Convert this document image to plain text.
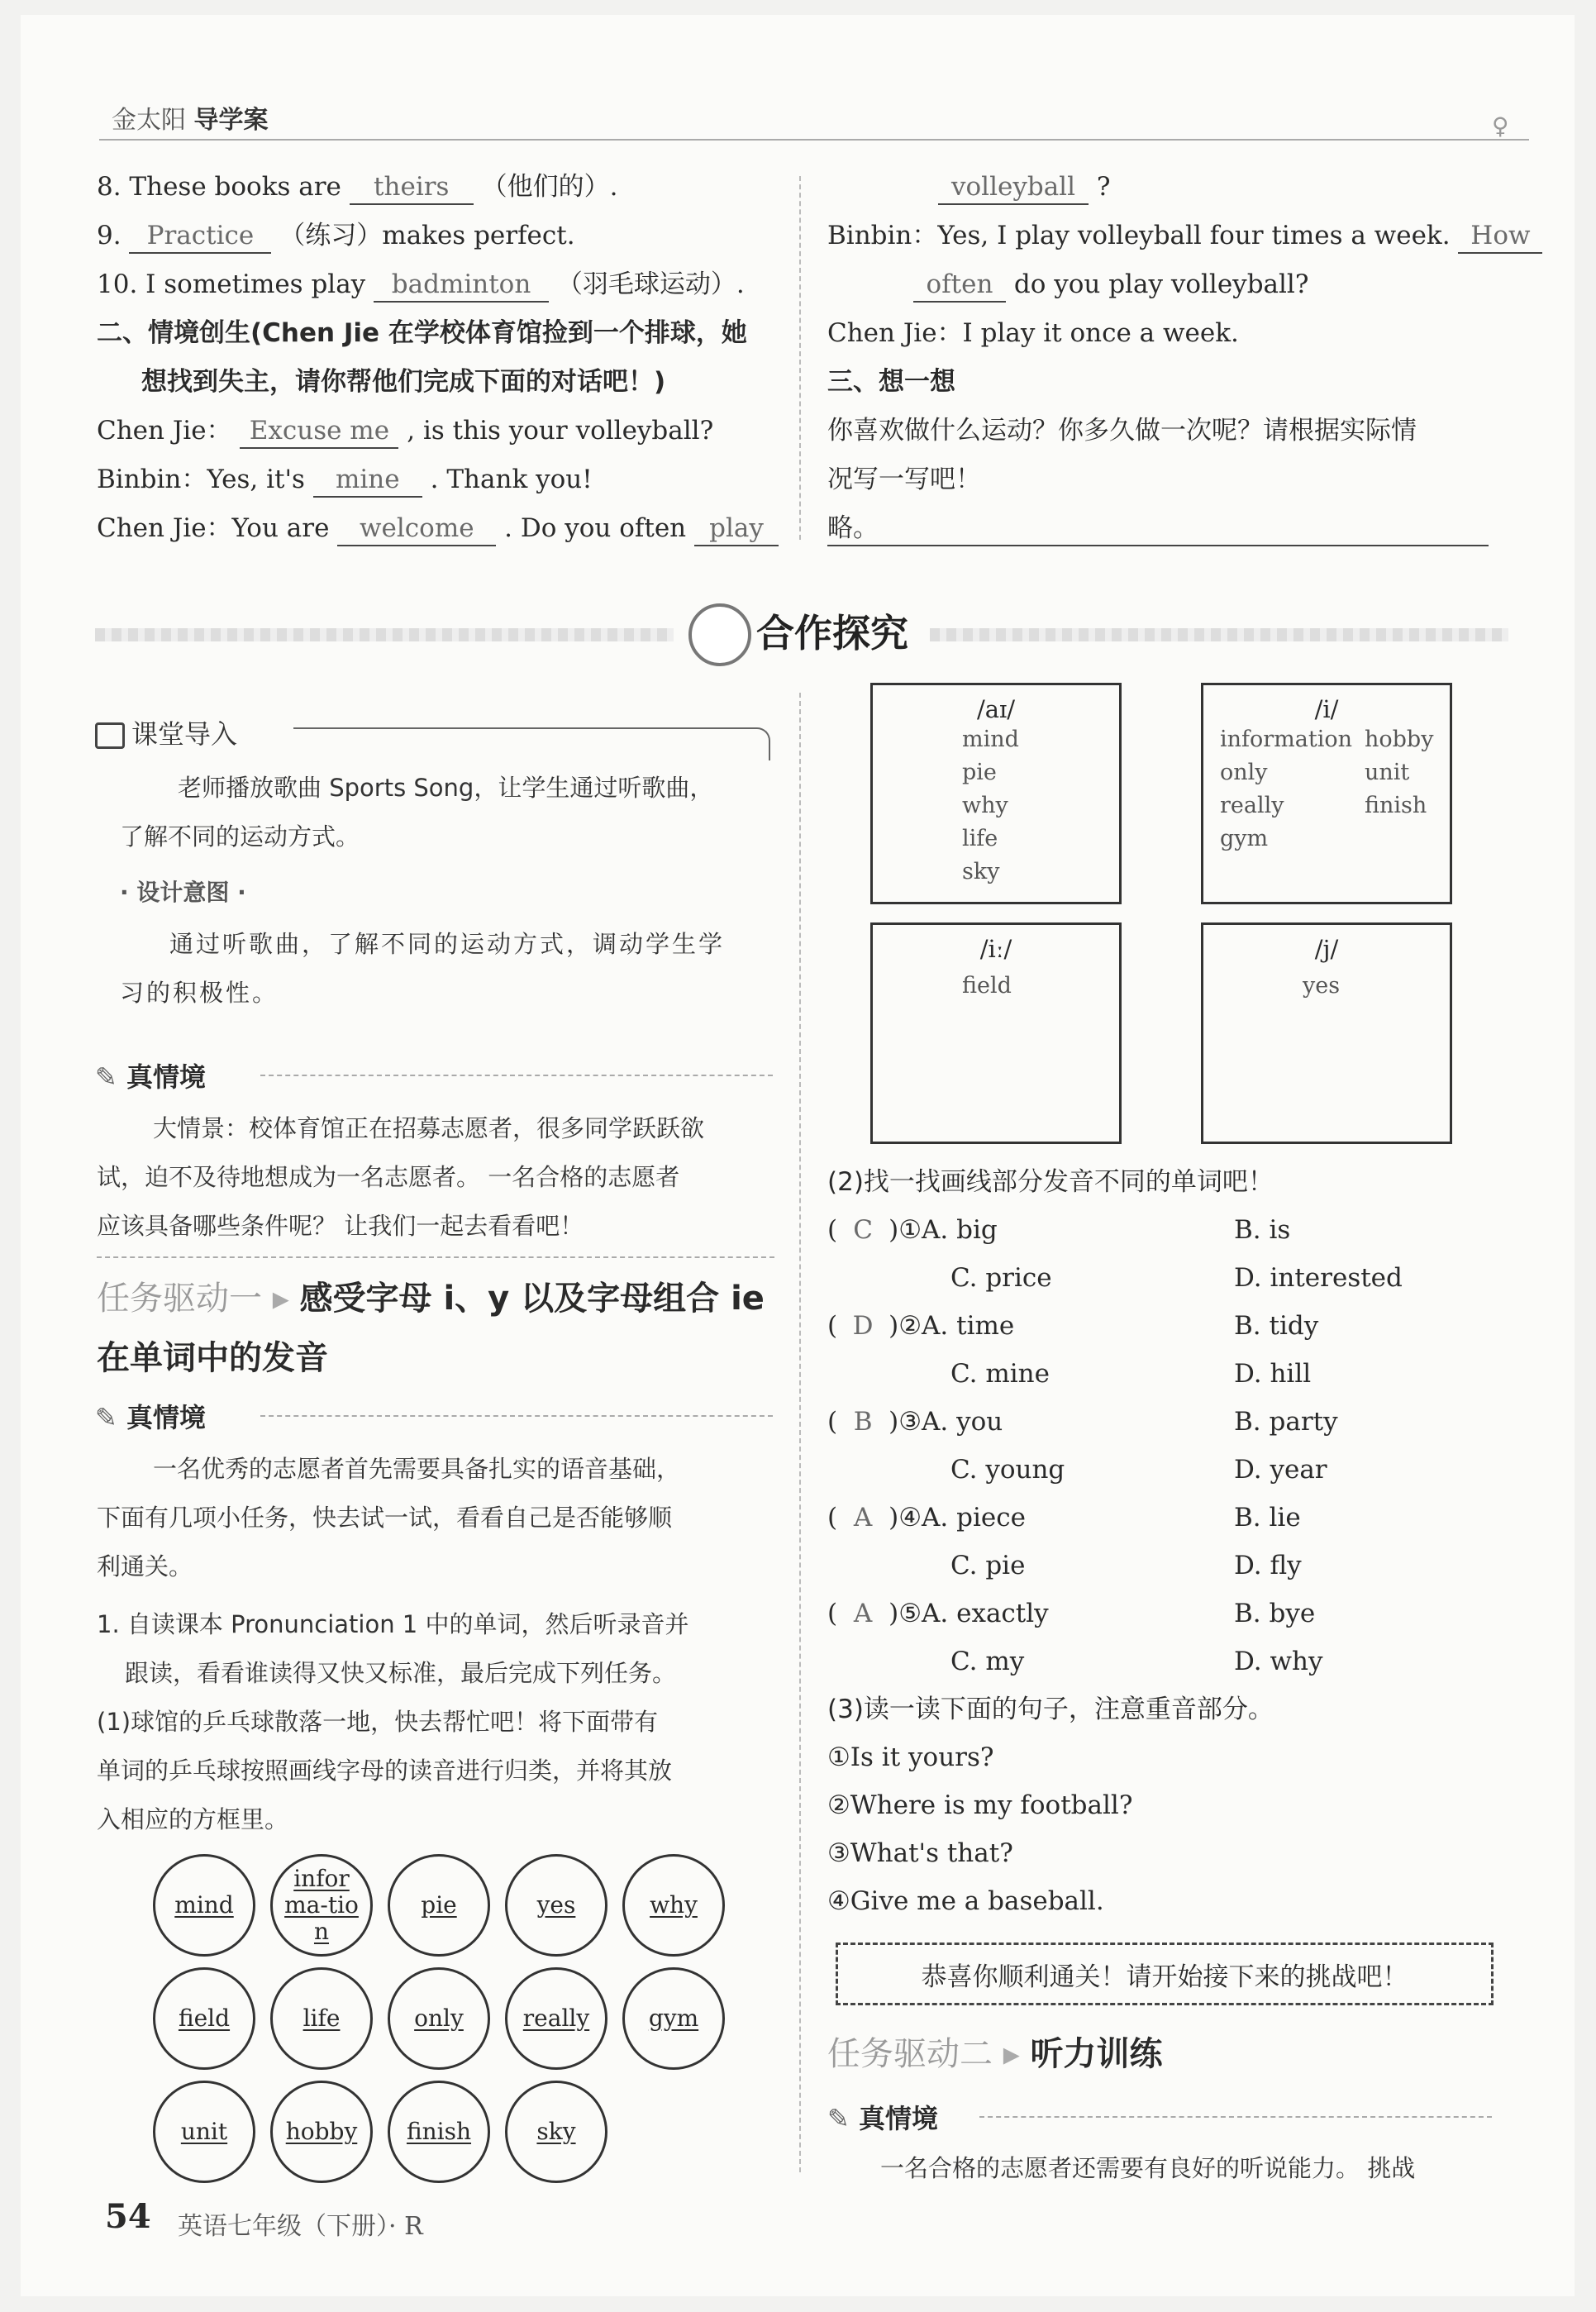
金太阳 导学案	♀
8. These books are theirs （他们的）.
9. Practice （练习）makes perfect.
10. I sometimes play badminton （羽毛球运动）.
二、情境创生(Chen Jie 在学校体育馆捡到一个排球，她
想找到失主，请你帮他们完成下面的对话吧！)
Chen Jie： Excuse me , is this your volleyball?
Binbin：Yes, it's mine . Thank you!
Chen Jie：You are welcome . Do you often play
volleyball ?
Binbin：Yes, I play volleyball four times a week. How
often do you play volleyball?
Chen Jie：I play it once a week.
三、想一想
你喜欢做什么运动？你多久做一次呢？请根据实际情
况写一写吧！
略。
合作探究
课堂导入
老师播放歌曲 Sports Song，让学生通过听歌曲，
了解不同的运动方式。
· 设计意图 ·
通过听歌曲，了解不同的运动方式，调动学生学
习的积极性。
✎ 真情境
大情景：校体育馆正在招募志愿者，很多同学跃跃欲
试，迫不及待地想成为一名志愿者。 一名合格的志愿者
应该具备哪些条件呢？ 让我们一起去看看吧！
任务驱动一 ▸ 感受字母 i、y 以及字母组合 ie
在单词中的发音
✎ 真情境
一名优秀的志愿者首先需要具备扎实的语音基础，
下面有几项小任务，快去试一试，看看自己是否能够顺
利通关。
1. 自读课本 Pronunciation 1 中的单词，然后听录音并
跟读，看看谁读得又快又标准，最后完成下列任务。
(1)球馆的乒乓球散落一地，快去帮忙吧！将下面带有
单词的乒乓球按照画线字母的读音进行归类，并将其放
入相应的方框里。
mind
informa-tion
pie	yes	why
field	life	only	really	gym
unit	hobby finish	sky
/aɪ/
mind
pie
why
life
sky
/i/
information
only
really
gym
hobby
unit
finish
/iː/
field
/j/
yes
(2)找一找画线部分发音不同的单词吧！
( C )①A. big	B. is
C. price	D. interested
( D )②A. time	B. tidy
C. mine	D. hill
( B )③A. you	B. party
C. young	D. year
( A )④A. piece	B. lie
C. pie	D. fly
( A )⑤A. exactly	B. bye
C. my	D. why
(3)读一读下面的句子，注意重音部分。
①Is it yours?
②Where is my football?
③What's that?
④Give me a baseball.
恭喜你顺利通关！请开始接下来的挑战吧！
任务驱动二 ▸ 听力训练
✎ 真情境
一名合格的志愿者还需要有良好的听说能力。 挑战
54 英语七年级（下册）· R
